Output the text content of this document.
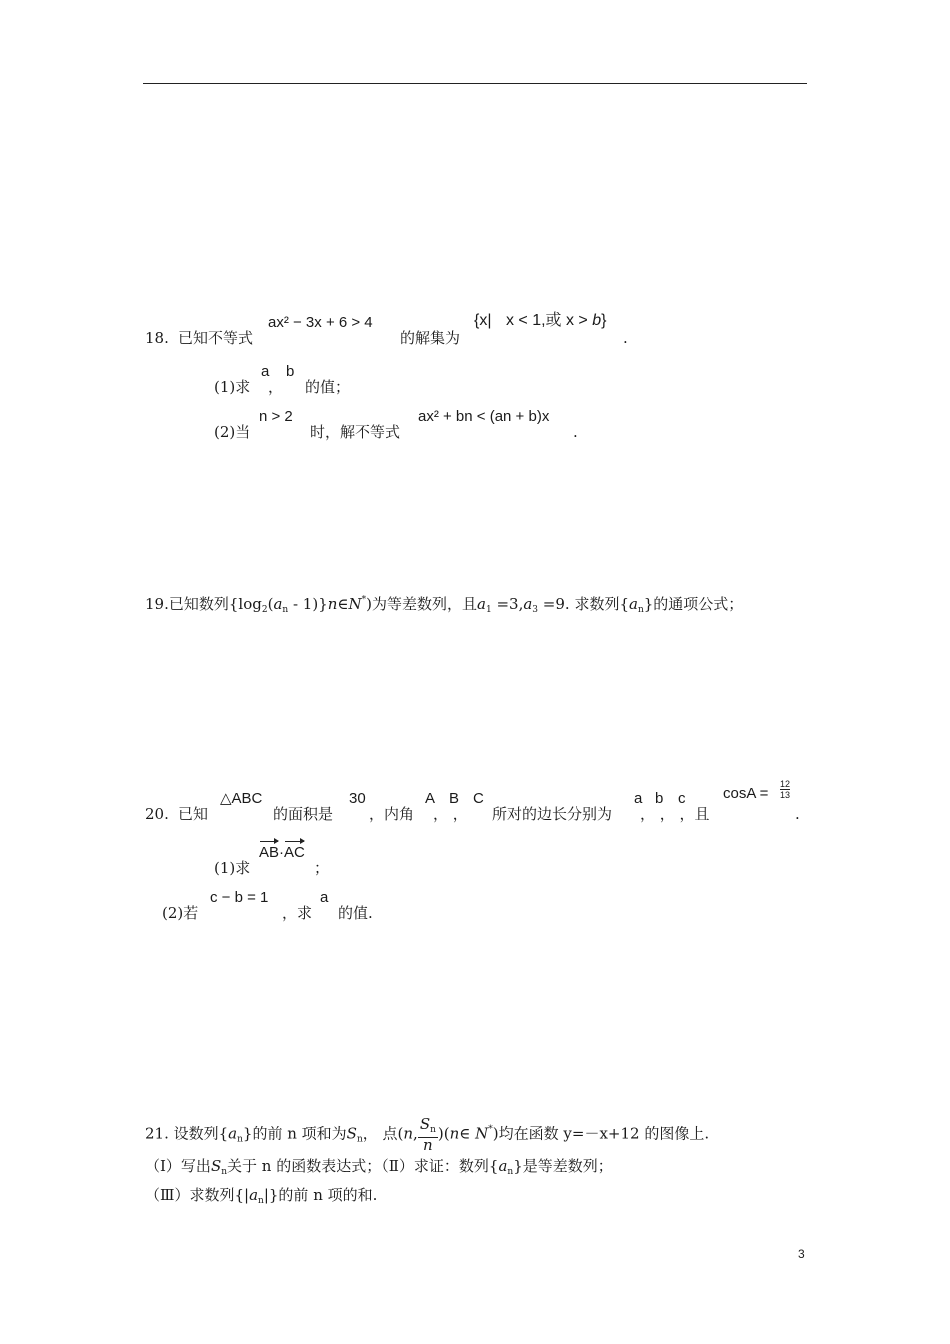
18. 已知不等式
ax² − 3x + 6 > 4
的解集为
{x| x < 1,或 x > b}
.
(1)求
a
，
b
的值；
(2)当
n > 2
时，解不等式
ax² + bn < (an + b)x
.
19.已知数列{$\log_2(a_n$ - 1)}n∈N*)为等差数列，且$a_1 =3,a_3 =9$. 求数列$\{a_n\}$的通项公式；
20. 已知
△ABC
的面积是
30
，内角
A B C
， ， 所对的边长分别为
a b c
， ， ，且
$\cos A = \frac{12}{13}$
.
(1)求
AB·AC
；
(2)若
c − b = 1
，求
a
的值.
21. 设数列$\{a_n\}$的前 n 项和为$S_n$， 点(n, $\frac{S_n}{n}$ )(n∈ N*)均在函数 y=－x+12 的图像上.
（Ⅰ）写出$S_n$关于 n 的函数表达式；（Ⅱ）求证：数列$\{a_n\}$是等差数列；
（Ⅲ）求数列$\{|a_n|\}$的前 n 项的和.
3
